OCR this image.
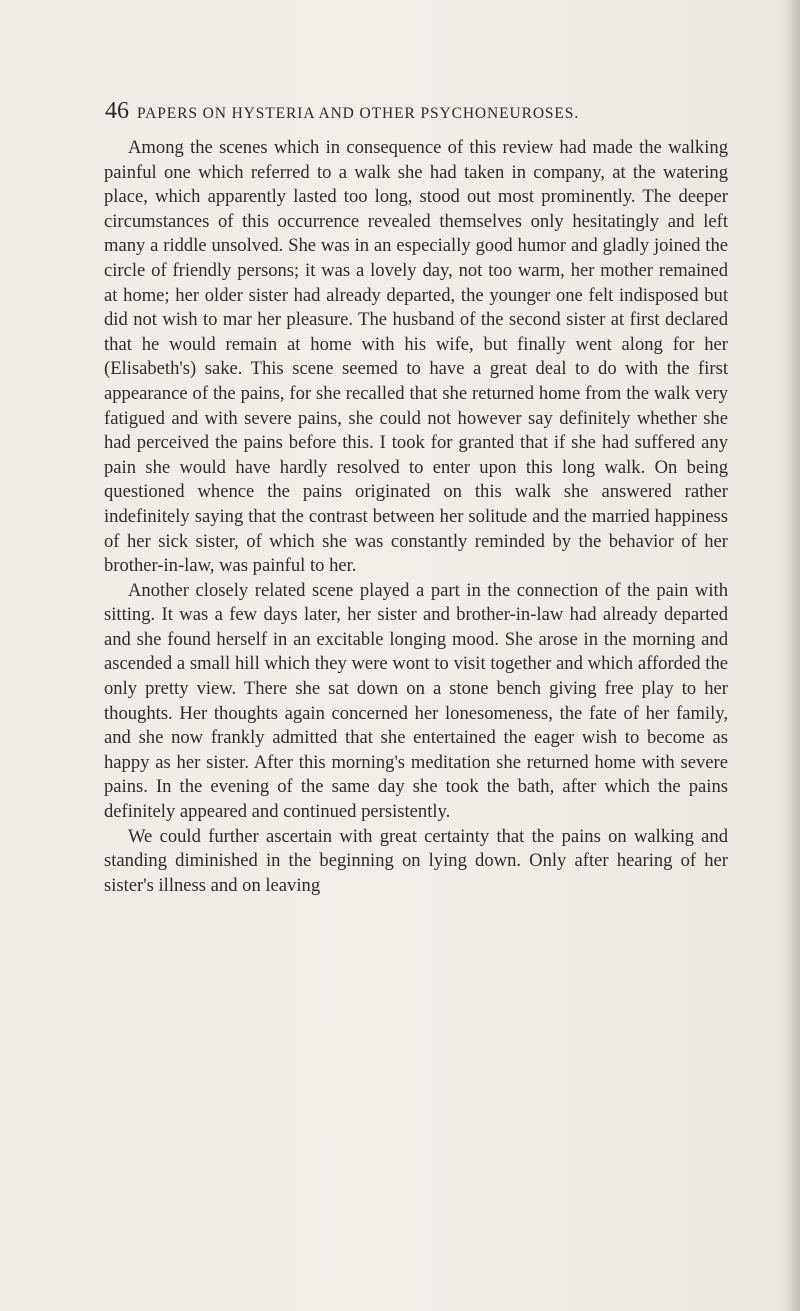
46 PAPERS ON HYSTERIA AND OTHER PSYCHONEUROSES.

Among the scenes which in consequence of this review had made the walking painful one which referred to a walk she had taken in company, at the watering place, which apparently lasted too long, stood out most prominently. The deeper circumstances of this occurrence revealed themselves only hesitatingly and left many a riddle unsolved. She was in an especially good humor and gladly joined the circle of friendly persons; it was a lovely day, not too warm, her mother remained at home; her older sister had already departed, the younger one felt indisposed but did not wish to mar her pleasure. The husband of the second sister at first declared that he would remain at home with his wife, but finally went along for her (Elisabeth's) sake. This scene seemed to have a great deal to do with the first appearance of the pains, for she recalled that she returned home from the walk very fatigued and with severe pains, she could not however say definitely whether she had perceived the pains before this. I took for granted that if she had suffered any pain she would have hardly resolved to enter upon this long walk. On being questioned whence the pains originated on this walk she answered rather indefinitely saying that the contrast between her solitude and the married happiness of her sick sister, of which she was constantly reminded by the behavior of her brother-in-law, was painful to her.

Another closely related scene played a part in the connection of the pain with sitting. It was a few days later, her sister and brother-in-law had already departed and she found herself in an excitable longing mood. She arose in the morning and ascended a small hill which they were wont to visit together and which afforded the only pretty view. There she sat down on a stone bench giving free play to her thoughts. Her thoughts again concerned her lonesomeness, the fate of her family, and she now frankly admitted that she entertained the eager wish to become as happy as her sister. After this morning's meditation she returned home with severe pains. In the evening of the same day she took the bath, after which the pains definitely appeared and continued persistently.

We could further ascertain with great certainty that the pains on walking and standing diminished in the beginning on lying down. Only after hearing of her sister's illness and on leaving
